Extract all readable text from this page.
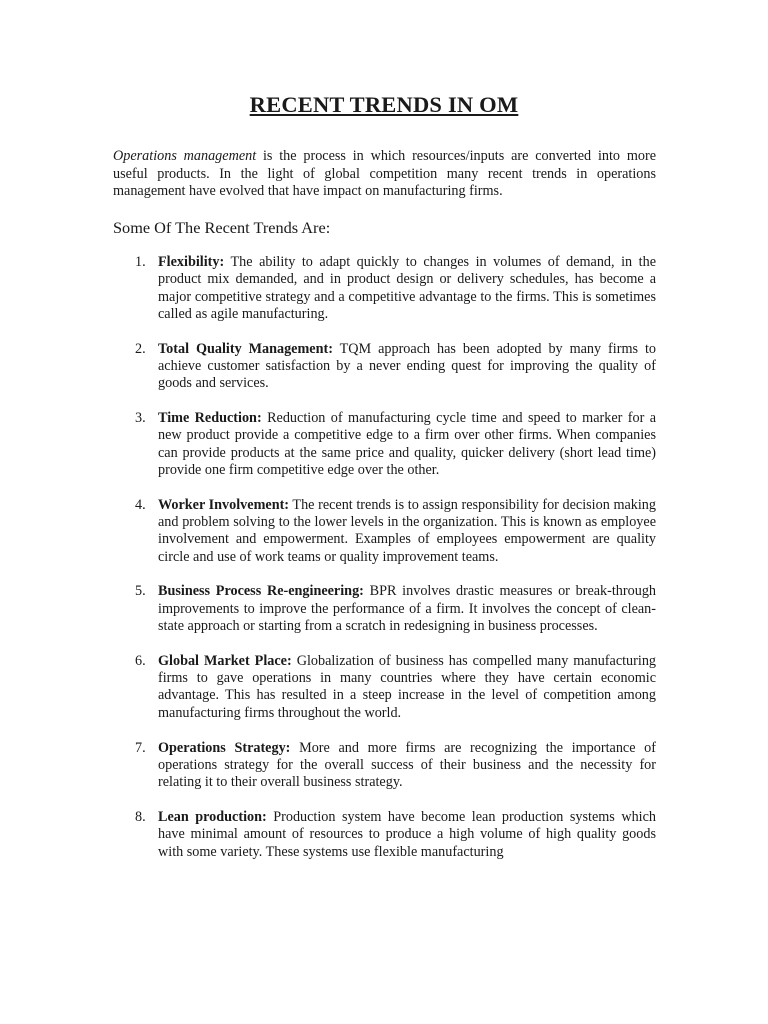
RECENT TRENDS IN OM

Operations management is the process in which resources/inputs are converted into more useful products. In the light of global competition many recent trends in operations management have evolved that have impact on manufacturing firms.

Some Of The Recent Trends Are:
1. Flexibility: The ability to adapt quickly to changes in volumes of demand, in the product mix demanded, and in product design or delivery schedules, has become a major competitive strategy and a competitive advantage to the firms. This is sometimes called as agile manufacturing.
2. Total Quality Management: TQM approach has been adopted by many firms to achieve customer satisfaction by a never ending quest for improving the quality of goods and services.
3. Time Reduction: Reduction of manufacturing cycle time and speed to marker for a new product provide a competitive edge to a firm over other firms. When companies can provide products at the same price and quality, quicker delivery (short lead time) provide one firm competitive edge over the other.
4. Worker Involvement: The recent trends is to assign responsibility for decision making and problem solving to the lower levels in the organization. This is known as employee involvement and empowerment. Examples of employees empowerment are quality circle and use of work teams or quality improvement teams.
5. Business Process Re-engineering: BPR involves drastic measures or break-through improvements to improve the performance of a firm. It involves the concept of clean-state approach or starting from a scratch in redesigning in business processes.
6. Global Market Place: Globalization of business has compelled many manufacturing firms to gave operations in many countries where they have certain economic advantage. This has resulted in a steep increase in the level of competition among manufacturing firms throughout the world.
7. Operations Strategy: More and more firms are recognizing the importance of operations strategy for the overall success of their business and the necessity for relating it to their overall business strategy.
8. Lean production: Production system have become lean production systems which have minimal amount of resources to produce a high volume of high quality goods with some variety. These systems use flexible manufacturing
